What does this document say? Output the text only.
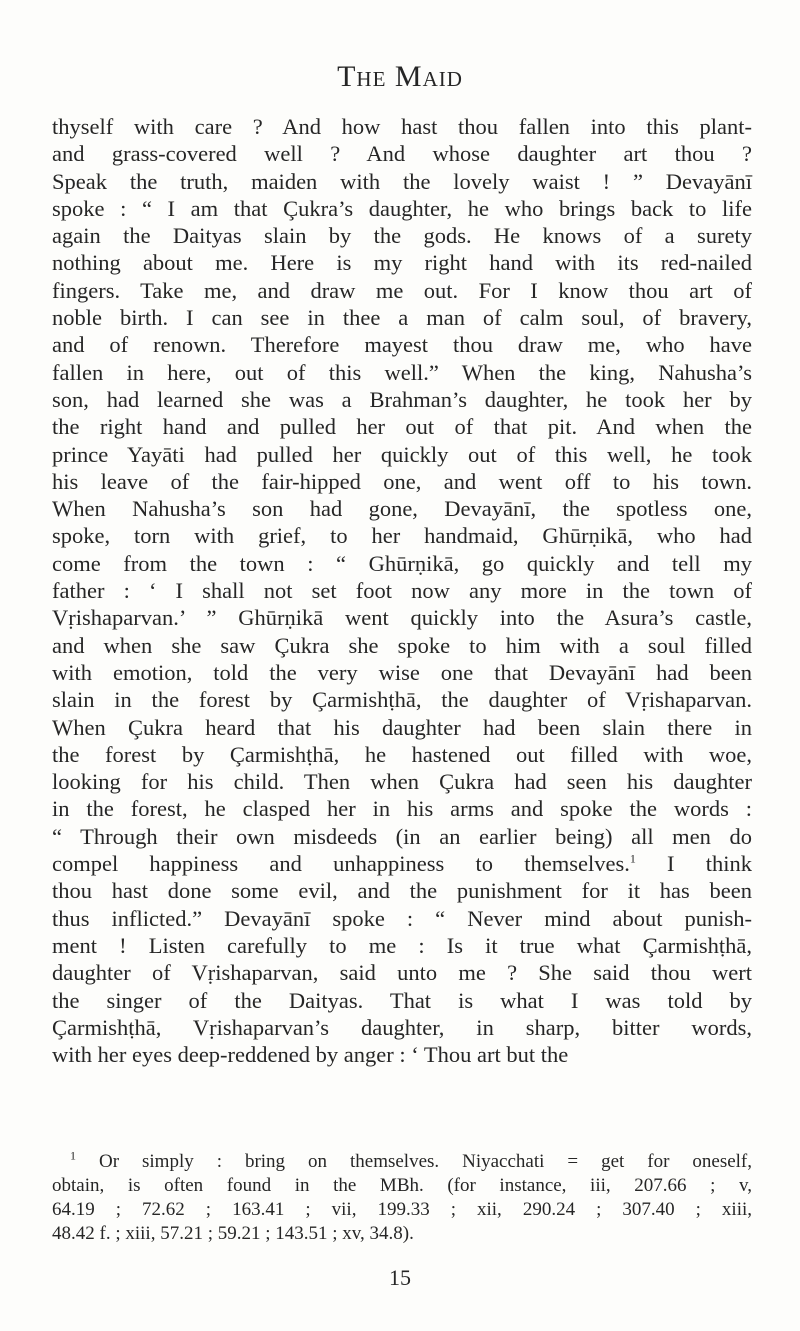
The Maid
thyself with care ? And how hast thou fallen into this plant-
and grass-covered well ? And whose daughter art thou ?
Speak the truth, maiden with the lovely waist ! ” Devayānī
spoke : “ I am that Çukra’s daughter, he who brings back to life
again the Daityas slain by the gods. He knows of a surety
nothing about me. Here is my right hand with its red-nailed
fingers. Take me, and draw me out. For I know thou art of
noble birth. I can see in thee a man of calm soul, of bravery,
and of renown. Therefore mayest thou draw me, who have
fallen in here, out of this well.” When the king, Nahusha’s
son, had learned she was a Brahman’s daughter, he took her by
the right hand and pulled her out of that pit. And when the
prince Yayāti had pulled her quickly out of this well, he took
his leave of the fair-hipped one, and went off to his town.
When Nahusha’s son had gone, Devayānī, the spotless one,
spoke, torn with grief, to her handmaid, Ghūrṇikā, who had
come from the town : “ Ghūrṇikā, go quickly and tell my
father : ‘ I shall not set foot now any more in the town of
Vṛishaparvan.’ ” Ghūrṇikā went quickly into the Asura’s castle,
and when she saw Çukra she spoke to him with a soul filled
with emotion, told the very wise one that Devayānī had been
slain in the forest by Çarmishṭhā, the daughter of Vṛishaparvan.
When Çukra heard that his daughter had been slain there in
the forest by Çarmishṭhā, he hastened out filled with woe,
looking for his child. Then when Çukra had seen his daughter
in the forest, he clasped her in his arms and spoke the words :
“ Through their own misdeeds (in an earlier being) all men do
compel happiness and unhappiness to themselves.$^1$ I think
thou hast done some evil, and the punishment for it has been
thus inflicted.” Devayānī spoke : “ Never mind about punish-
ment ! Listen carefully to me : Is it true what Çarmishṭhā,
daughter of Vṛishaparvan, said unto me ? She said thou wert
the singer of the Daityas. That is what I was told by
Çarmishṭhā, Vṛishaparvan’s daughter, in sharp, bitter words,
with her eyes deep-reddened by anger : ‘ Thou art but the
$^1$ Or simply : bring on themselves. Niyacchati = get for oneself,
obtain, is often found in the MBh. (for instance, iii, 207.66 ; v,
64.19 ; 72.62 ; 163.41 ; vii, 199.33 ; xii, 290.24 ; 307.40 ; xiii,
48.42 f. ; xiii, 57.21 ; 59.21 ; 143.51 ; xv, 34.8).
15
